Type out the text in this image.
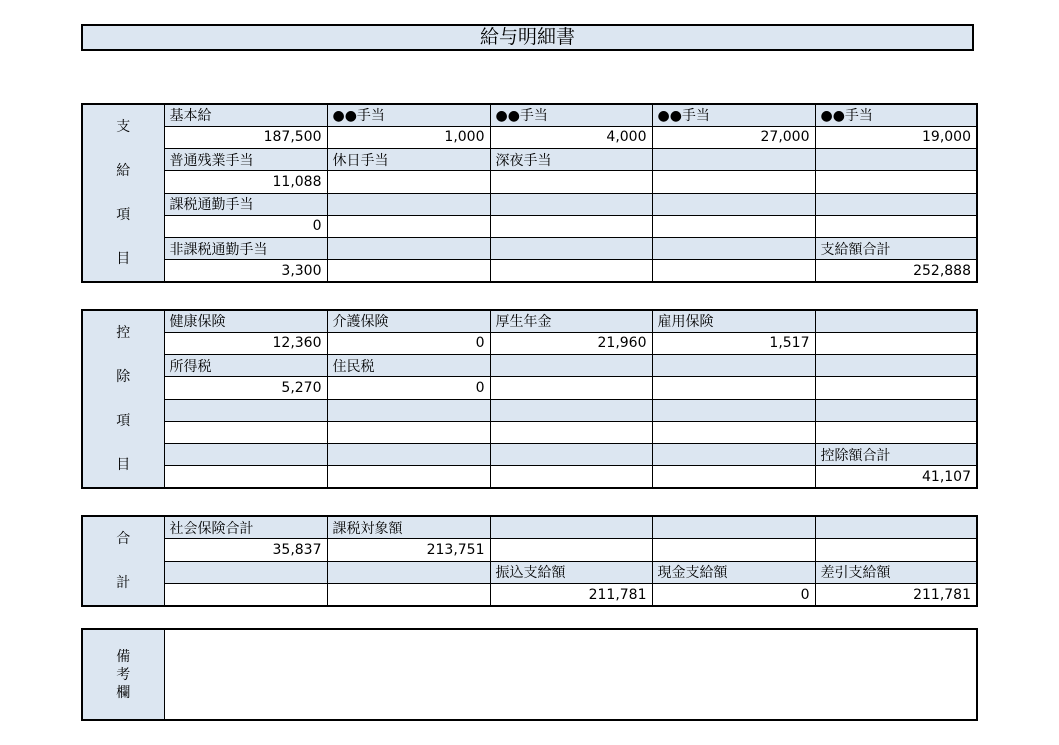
給与明細書
支
給
項
目	基本給	●●手当	●●手当	●●手当	●●手当
	187,500	1,000	4,000	27,000	19,000
	普通残業手当	休日手当	深夜手当		
	11,088				
	課税通勤手当				
	0				
	非課税通勤手当				支給額合計
	3,300				252,888
控
除
項
目	健康保険	介護保険	厚生年金	雇用保険	
	12,360	0	21,960	1,517	
	所得税	住民税			
	5,270	0			

					控除額合計
					41,107
合
計	社会保険合計	課税対象額			
	35,837	213,751			
			振込支給額	現金支給額	差引支給額
			211,781	0	211,781
備
考
欄
